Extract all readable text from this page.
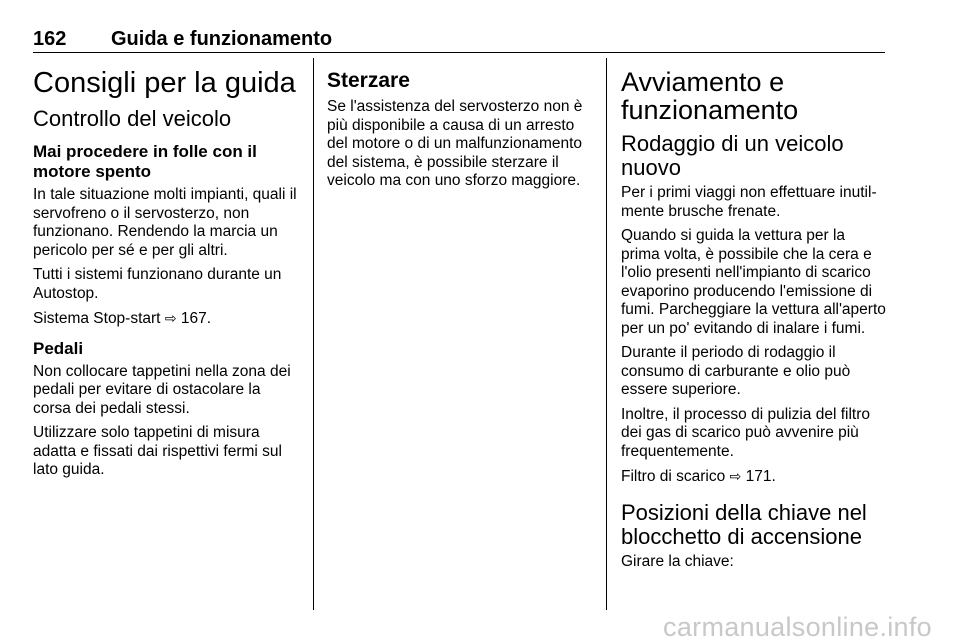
162 Guida e funzionamento
Consigli per la guida
Controllo del veicolo
Mai procedere in folle con il motore spento

In tale situazione molti impianti, quali il servofreno o il servosterzo, non funzionano. Rendendo la marcia un pericolo per sé e per gli altri.

Tutti i sistemi funzionano durante un Autostop.

Sistema Stop-start ⇨ 167.

Pedali

Non collocare tappetini nella zona dei pedali per evitare di ostacolare la corsa dei pedali stessi.

Utilizzare solo tappetini di misura adatta e fissati dai rispettivi fermi sul lato guida.

Sterzare

Se l'assistenza del servosterzo non è più disponibile a causa di un arresto del motore o di un malfunzionamento del sistema, è possibile sterzare il veicolo ma con uno sforzo maggiore.

Avviamento e funzionamento
Rodaggio di un veicolo nuovo

Per i primi viaggi non effettuare inutilmente brusche frenate.

Quando si guida la vettura per la prima volta, è possibile che la cera e l'olio presenti nell'impianto di scarico evaporino producendo l'emissione di fumi. Parcheggiare la vettura all'aperto per un po' evitando di inalare i fumi.

Durante il periodo di rodaggio il consumo di carburante e olio può essere superiore.

Inoltre, il processo di pulizia del filtro dei gas di scarico può avvenire più frequentemente.

Filtro di scarico ⇨ 171.

Posizioni della chiave nel blocchetto di accensione

Girare la chiave:

carmanualsonline.info
